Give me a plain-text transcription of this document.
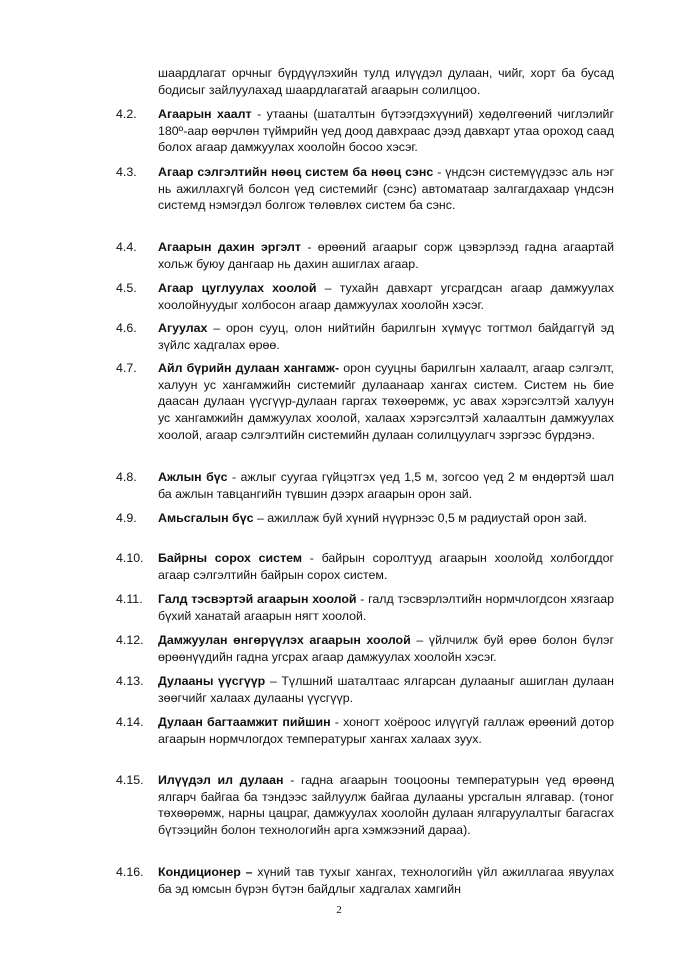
шаардлагат орчныг бүрдүүлэхийн тулд илүүдэл дулаан, чийг, хорт ба бусад бодисыг зайлуулахад шаардлагатай агаарын солилцоо.

4.2. Агаарын хаалт - утааны (шаталтын бүтээгдэхүүний) хөдөлгөөний чиглэлийг 180º-аар өөрчлөн түймрийн үед доод давхраас дээд давхарт утаа ороход саад болох агаар дамжуулах хоолойн босоо хэсэг.

4.3. Агаар сэлгэлтийн нөөц систем ба нөөц сэнс - үндсэн системүүдээс аль нэг нь ажиллахгүй болсон үед системийг (сэнс) автоматаар залгагдахаар үндсэн системд нэмэгдэл болгож төлөвлөх систем ба сэнс.

4.4. Агаарын дахин эргэлт - өрөөний агаарыг сорж цэвэрлээд гадна агаартай хольж буюу дангаар нь дахин ашиглах агаар.

4.5. Агаар цуглуулах хоолой – тухайн давхарт угсрагдсан агаар дамжуулах хоолойнуудыг холбосон агаар дамжуулах хоолойн хэсэг.

4.6. Агуулах – орон сууц, олон нийтийн барилгын хүмүүс тогтмол байдаггүй эд зүйлс хадгалах өрөө.

4.7. Айл бүрийн дулаан хангамж- орон сууцны барилгын халаалт, агаар сэлгэлт, халуун ус хангамжийн системийг дулаанаар хангах систем. Систем нь бие даасан дулаан үүсгүүр-дулаан гаргах төхөөрөмж, ус авах хэрэгсэлтэй халуун ус хангамжийн дамжуулах хоолой, халаах хэрэгсэлтэй халаалтын дамжуулах хоолой, агаар сэлгэлтийн системийн дулаан солилцуулагч зэргээс бүрдэнэ.

4.8. Ажлын бүс - ажлыг суугаа гүйцэтгэх үед 1,5 м, зогсоо үед 2 м өндөртэй шал ба ажлын тавцангийн түвшин дээрх агаарын орон зай.

4.9. Амьсгалын бүс – ажиллаж буй хүний нүүрнээс 0,5 м радиустай орон зай.

4.10. Байрны сорох систем - байрын соролтууд агаарын хоолойд холбогддог агаар сэлгэлтийн байрын сорох систем.

4.11. Галд тэсвэртэй агаарын хоолой - галд тэсвэрлэлтийн нормчлогдсон хязгаар бүхий ханатай агаарын нягт хоолой.

4.12. Дамжуулан өнгөрүүлэх агаарын хоолой – үйлчилж буй өрөө болон бүлэг өрөөнүүдийн гадна угсрах агаар дамжуулах хоолойн хэсэг.

4.13. Дулааны үүсгүүр – Түлшний шаталтаас ялгарсан дулааныг ашиглан дулаан зөөгчийг халаах дулааны үүсгүүр.

4.14. Дулаан багтаамжит пийшин - хоногт хоёроос илүүгүй галлаж өрөөний дотор агаарын нормчлогдох температурыг хангах халаах зуух.

4.15. Илүүдэл ил дулаан - гадна агаарын тооцооны температурын үед өрөөнд ялгарч байгаа ба тэндээс зайлуулж байгаа дулааны урсгалын ялгавар. (тоног төхөөрөмж, нарны цацраг, дамжуулах хоолойн дулаан ялгаруулалтыг багасгах бүтээцийн болон технологийн арга хэмжээний дараа).

4.16. Кондиционер – хүний тав тухыг хангах, технологийн үйл ажиллагаа явуулах ба эд юмсын бүрэн бүтэн байдлыг хадгалах хамгийн

2
